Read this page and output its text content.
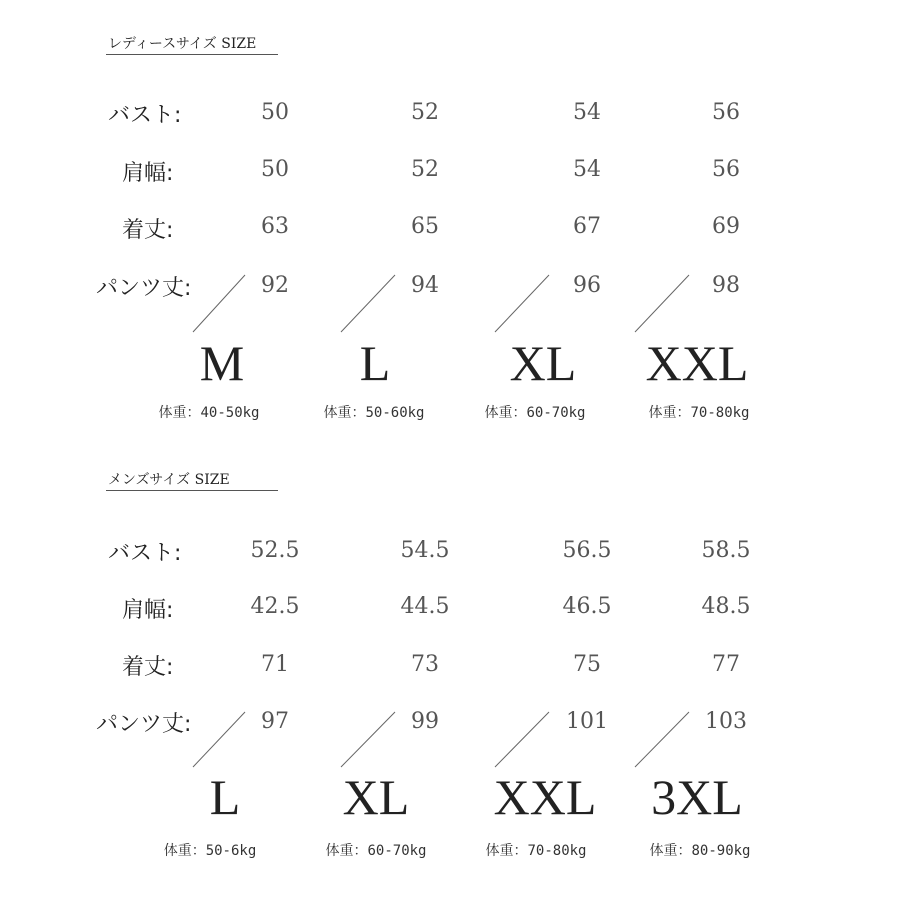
レディースサイズ SIZE
バスト:	50	52	54	56
肩幅:	50	52	54	56
着丈:	63	65	67	69
パンツ丈:	92	94	96	98
M	L	XL	XXL
体重：40-50kg	体重：50-60kg	体重：60-70kg	体重：70-80kg
メンズサイズ SIZE
バスト:	52.5	54.5	56.5	58.5
肩幅:	42.5	44.5	46.5	48.5
着丈:	71	73	75	77
パンツ丈:	97	99	101	103
L	XL	XXL	3XL
体重：50-6kg	体重：60-70kg	体重：70-80kg	体重：80-90kg
